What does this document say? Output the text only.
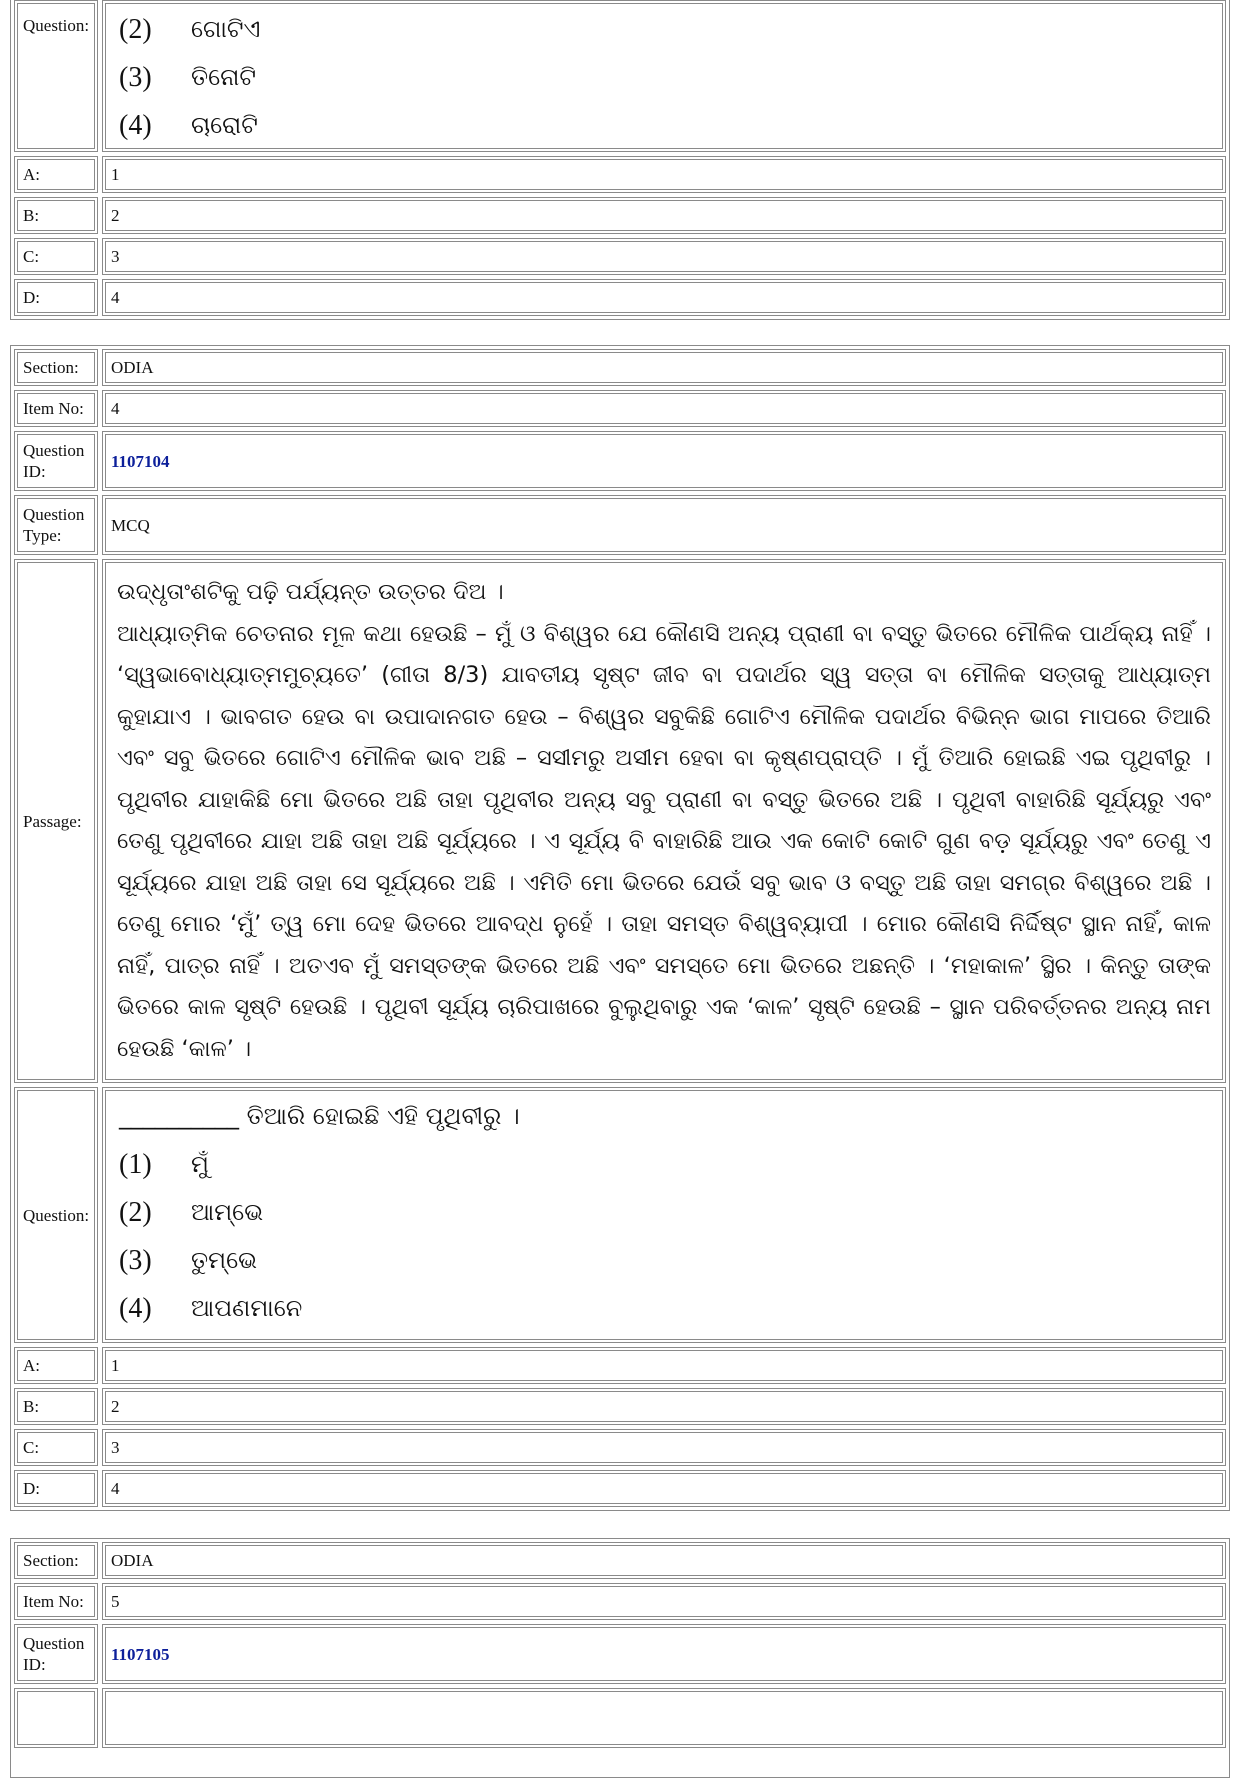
Question:	(2)	ଗୋଟିଏ
(3)	ତିନୋଟି
(4)	ଚାରୋଟି
A:	1
B:	2
C:	3
D:	4
Section:	ODIA
Item No:	4
Question ID:
1107104
Question Type:
MCQ
Passage:

ଉଦ୍ଧୃତାଂଶଟିକୁ ପଢ଼ି ପର୍ଯ୍ୟନ୍ତ ଉତ୍ତର ଦିଅ ।

ଆଧ୍ୟାତ୍ମିକ ଚେତନାର ମୂଳ କଥା ହେଉଛି – ମୁଁ ଓ ବିଶ୍ୱର ଯେ କୌଣସି ଅନ୍ୟ ପ୍ରାଣୀ ବା ବସ୍ତୁ ଭିତରେ ମୌଳିକ ପାର୍ଥକ୍ୟ ନାହିଁ । ‘ସ୍ୱଭାବୋଧ୍ୟାତ୍ମମୁଚ୍ୟତେ’ (ଗୀତା 8/3) ଯାବତୀୟ ସୃଷ୍ଟ ଜୀବ ବା ପଦାର୍ଥର ସ୍ୱ ସତ୍ତା ବା ମୌଳିକ ସତ୍ତାକୁ ଆଧ୍ୟାତ୍ମ କୁହାଯାଏ । ଭାବଗତ ହେଉ ବା ଉପାଦାନଗତ ହେଉ – ବିଶ୍ୱର ସବୁକିଛି ଗୋଟିଏ ମୌଳିକ ପଦାର୍ଥର ବିଭିନ୍ନ ଭାଗ ମାପରେ ତିଆରି ଏବଂ ସବୁ ଭିତରେ ଗୋଟିଏ ମୌଳିକ ଭାବ ଅଛି – ସସୀମରୁ ଅସୀମ ହେବା ବା କୃଷ୍ଣପ୍ରାପ୍ତି । ମୁଁ ତିଆରି ହୋଇଛି ଏଇ ପୃଥିବୀରୁ । ପୃଥିବୀର ଯାହାକିଛି ମୋ ଭିତରେ ଅଛି ତାହା ପୃଥିବୀର ଅନ୍ୟ ସବୁ ପ୍ରାଣୀ ବା ବସ୍ତୁ ଭିତରେ ଅଛି । ପୃଥିବୀ ବାହାରିଛି ସୂର୍ଯ୍ୟରୁ ଏବଂ ତେଣୁ ପୃଥିବୀରେ ଯାହା ଅଛି ତାହା ଅଛି ସୂର୍ଯ୍ୟରେ । ଏ ସୂର୍ଯ୍ୟ ବି ବାହାରିଛି ଆଉ ଏକ କୋଟି କୋଟି ଗୁଣ ବଡ଼ ସୂର୍ଯ୍ୟରୁ ଏବଂ ତେଣୁ ଏ ସୂର୍ଯ୍ୟରେ ଯାହା ଅଛି ତାହା ସେ ସୂର୍ଯ୍ୟରେ ଅଛି । ଏମିତି ମୋ ଭିତରେ ଯେଉଁ ସବୁ ଭାବ ଓ ବସ୍ତୁ ଅଛି ତାହା ସମଗ୍ର ବିଶ୍ୱରେ ଅଛି । ତେଣୁ ମୋର ‘ମୁଁ’ ତ୍ୱ ମୋ ଦେହ ଭିତରେ ଆବଦ୍ଧ ନୁହେଁ । ତାହା ସମସ୍ତ ବିଶ୍ୱବ୍ୟାପୀ । ମୋର କୌଣସି ନିର୍ଦ୍ଦିଷ୍ଟ ସ୍ଥାନ ନାହିଁ, କାଳ ନାହିଁ, ପାତ୍ର ନାହିଁ । ଅତଏବ ମୁଁ ସମସ୍ତଙ୍କ ଭିତରେ ଅଛି ଏବଂ ସମସ୍ତେ ମୋ ଭିତରେ ଅଛନ୍ତି । ‘ମହାକାଳ’ ସ୍ଥିର । କିନ୍ତୁ ତାଙ୍କ ଭିତରେ କାଳ ସୃଷ୍ଟି ହେଉଛି । ପୃଥିବୀ ସୂର୍ଯ୍ୟ ଚାରିପାଖରେ ବୁଲୁଥିବାରୁ ଏକ ‘କାଳ’ ସୃଷ୍ଟି ହେଉଛି – ସ୍ଥାନ ପରିବର୍ତ୍ତନର ଅନ୍ୟ ନାମ ହେଉଛି ‘କାଳ’ ।

Question:
__________ ତିଆରି ହୋଇଛି ଏହି ପୃଥିବୀରୁ ।
(1)	ମୁଁ
(2)	ଆମ୍ଭେ
(3)	ତୁମ୍ଭେ
(4)	ଆପଣମାନେ
A:	1
B:	2
C:	3
D:	4
Section:	ODIA
Item No:	5
Question ID:
1107105
